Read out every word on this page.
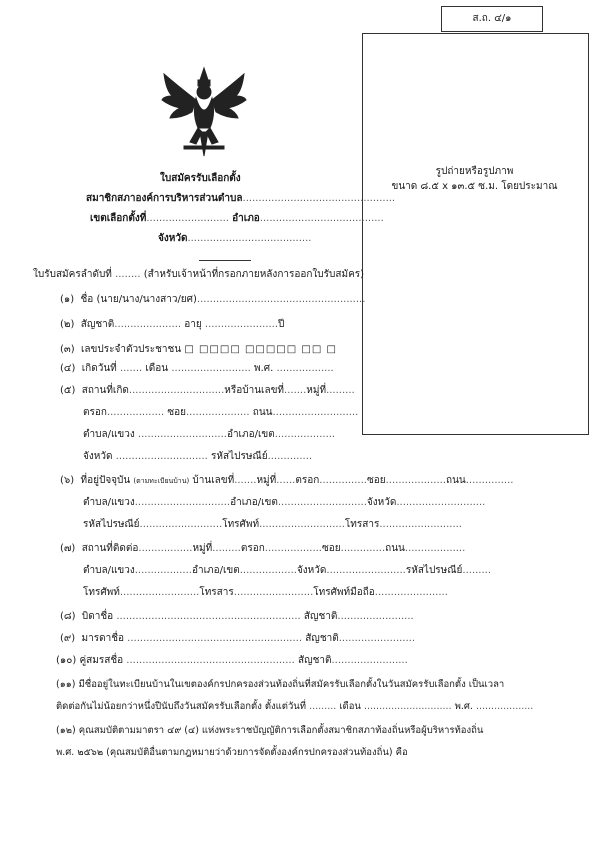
ส.ถ. ๔/๑
รูปถ่ายหรือรูปภาพ
ขนาด ๘.๕ x ๑๓.๕ ซ.ม. โดยประมาณ
ใบสมัครรับเลือกตั้ง
สมาชิกสภาองค์การบริหารส่วนตำบล................................................
เขตเลือกตั้งที่.......................... อำเภอ.......................................
จังหวัด.......................................
ใบรับสมัครลำดับที่ ........ (สำหรับเจ้าหน้าที่กรอกภายหลังการออกใบรับสมัคร)
(๑) ชื่อ (นาย/นาง/นางสาว/ยศ).....................................................
(๒) สัญชาติ..................... อายุ .......................ปี
(๓) เลขประจำตัวประชาชน □ □□□□ □□□□□ □□ □
(๔) เกิดวันที่ ....... เดือน ......................... พ.ศ. ..................
(๕) สถานที่เกิด..............................หรือบ้านเลขที่.......หมู่ที่.........
ตรอก.................. ซอย.................... ถนน...........................
ตำบล/แขวง ............................อำเภอ/เขต...................
จังหวัด ............................. รหัสไปรษณีย์..............
(๖) ที่อยู่ปัจจุบัน (ตามทะเบียนบ้าน) บ้านเลขที่.......หมู่ที่......ตรอก...............ซอย...................ถนน...............
ตำบล/แขวง..............................อำเภอ/เขต............................จังหวัด............................
รหัสไปรษณีย์..........................โทรศัพท์...........................โทรสาร..........................
(๗) สถานที่ติดต่อ.................หมู่ที่.........ตรอก..................ซอย..............ถนน...................
ตำบล/แขวง..................อำเภอ/เขต..................จังหวัด.........................รหัสไปรษณีย์.........
โทรศัพท์.........................โทรสาร.........................โทรศัพท์มือถือ.......................
(๘) บิดาชื่อ .......................................................... สัญชาติ........................
(๙) มารดาชื่อ ....................................................... สัญชาติ........................
(๑๐) คู่สมรสชื่อ ..................................................... สัญชาติ........................
(๑๑) มีชื่ออยู่ในทะเบียนบ้านในเขตองค์กรปกครองส่วนท้องถิ่นที่สมัครรับเลือกตั้งในวันสมัครรับเลือกตั้ง เป็นเวลา
ติดต่อกันไม่น้อยกว่าหนึ่งปีนับถึงวันสมัครรับเลือกตั้ง ตั้งแต่วันที่ ......... เดือน ............................. พ.ศ. ...................
(๑๒) คุณสมบัติตามมาตรา ๔๙ (๔) แห่งพระราชบัญญัติการเลือกตั้งสมาชิกสภาท้องถิ่นหรือผู้บริหารท้องถิ่น
พ.ศ. ๒๕๖๒ (คุณสมบัติอื่นตามกฎหมายว่าด้วยการจัดตั้งองค์กรปกครองส่วนท้องถิ่น) คือ
